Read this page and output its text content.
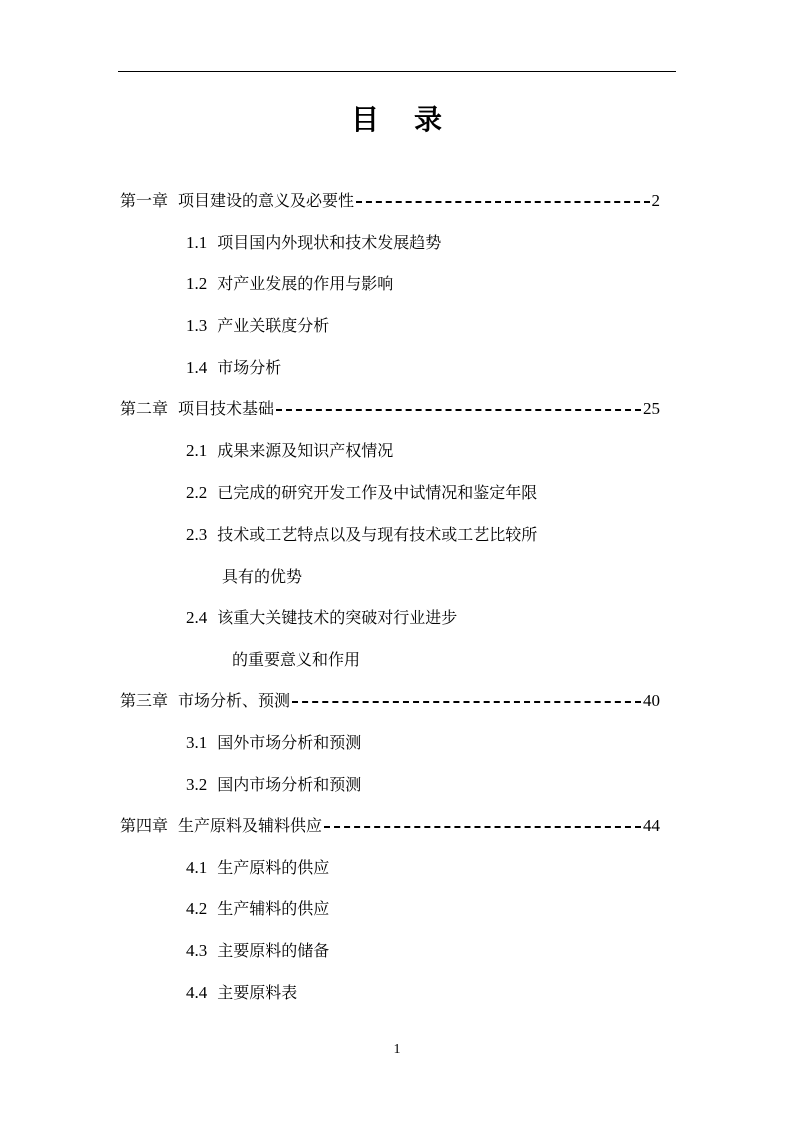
目 录
第一章 项目建设的意义及必要性	2
1.1 项目国内外现状和技术发展趋势
1.2 对产业发展的作用与影响
1.3 产业关联度分析
1.4 市场分析
第二章 项目技术基础	25
2.1 成果来源及知识产权情况
2.2 已完成的研究开发工作及中试情况和鉴定年限
2.3 技术或工艺特点以及与现有技术或工艺比较所
具有的优势
2.4 该重大关键技术的突破对行业进步
的重要意义和作用
第三章 市场分析、预测	40
3.1 国外市场分析和预测
3.2 国内市场分析和预测
第四章 生产原料及辅料供应	44
4.1 生产原料的供应
4.2 生产辅料的供应
4.3 主要原料的储备
4.4 主要原料表
1
